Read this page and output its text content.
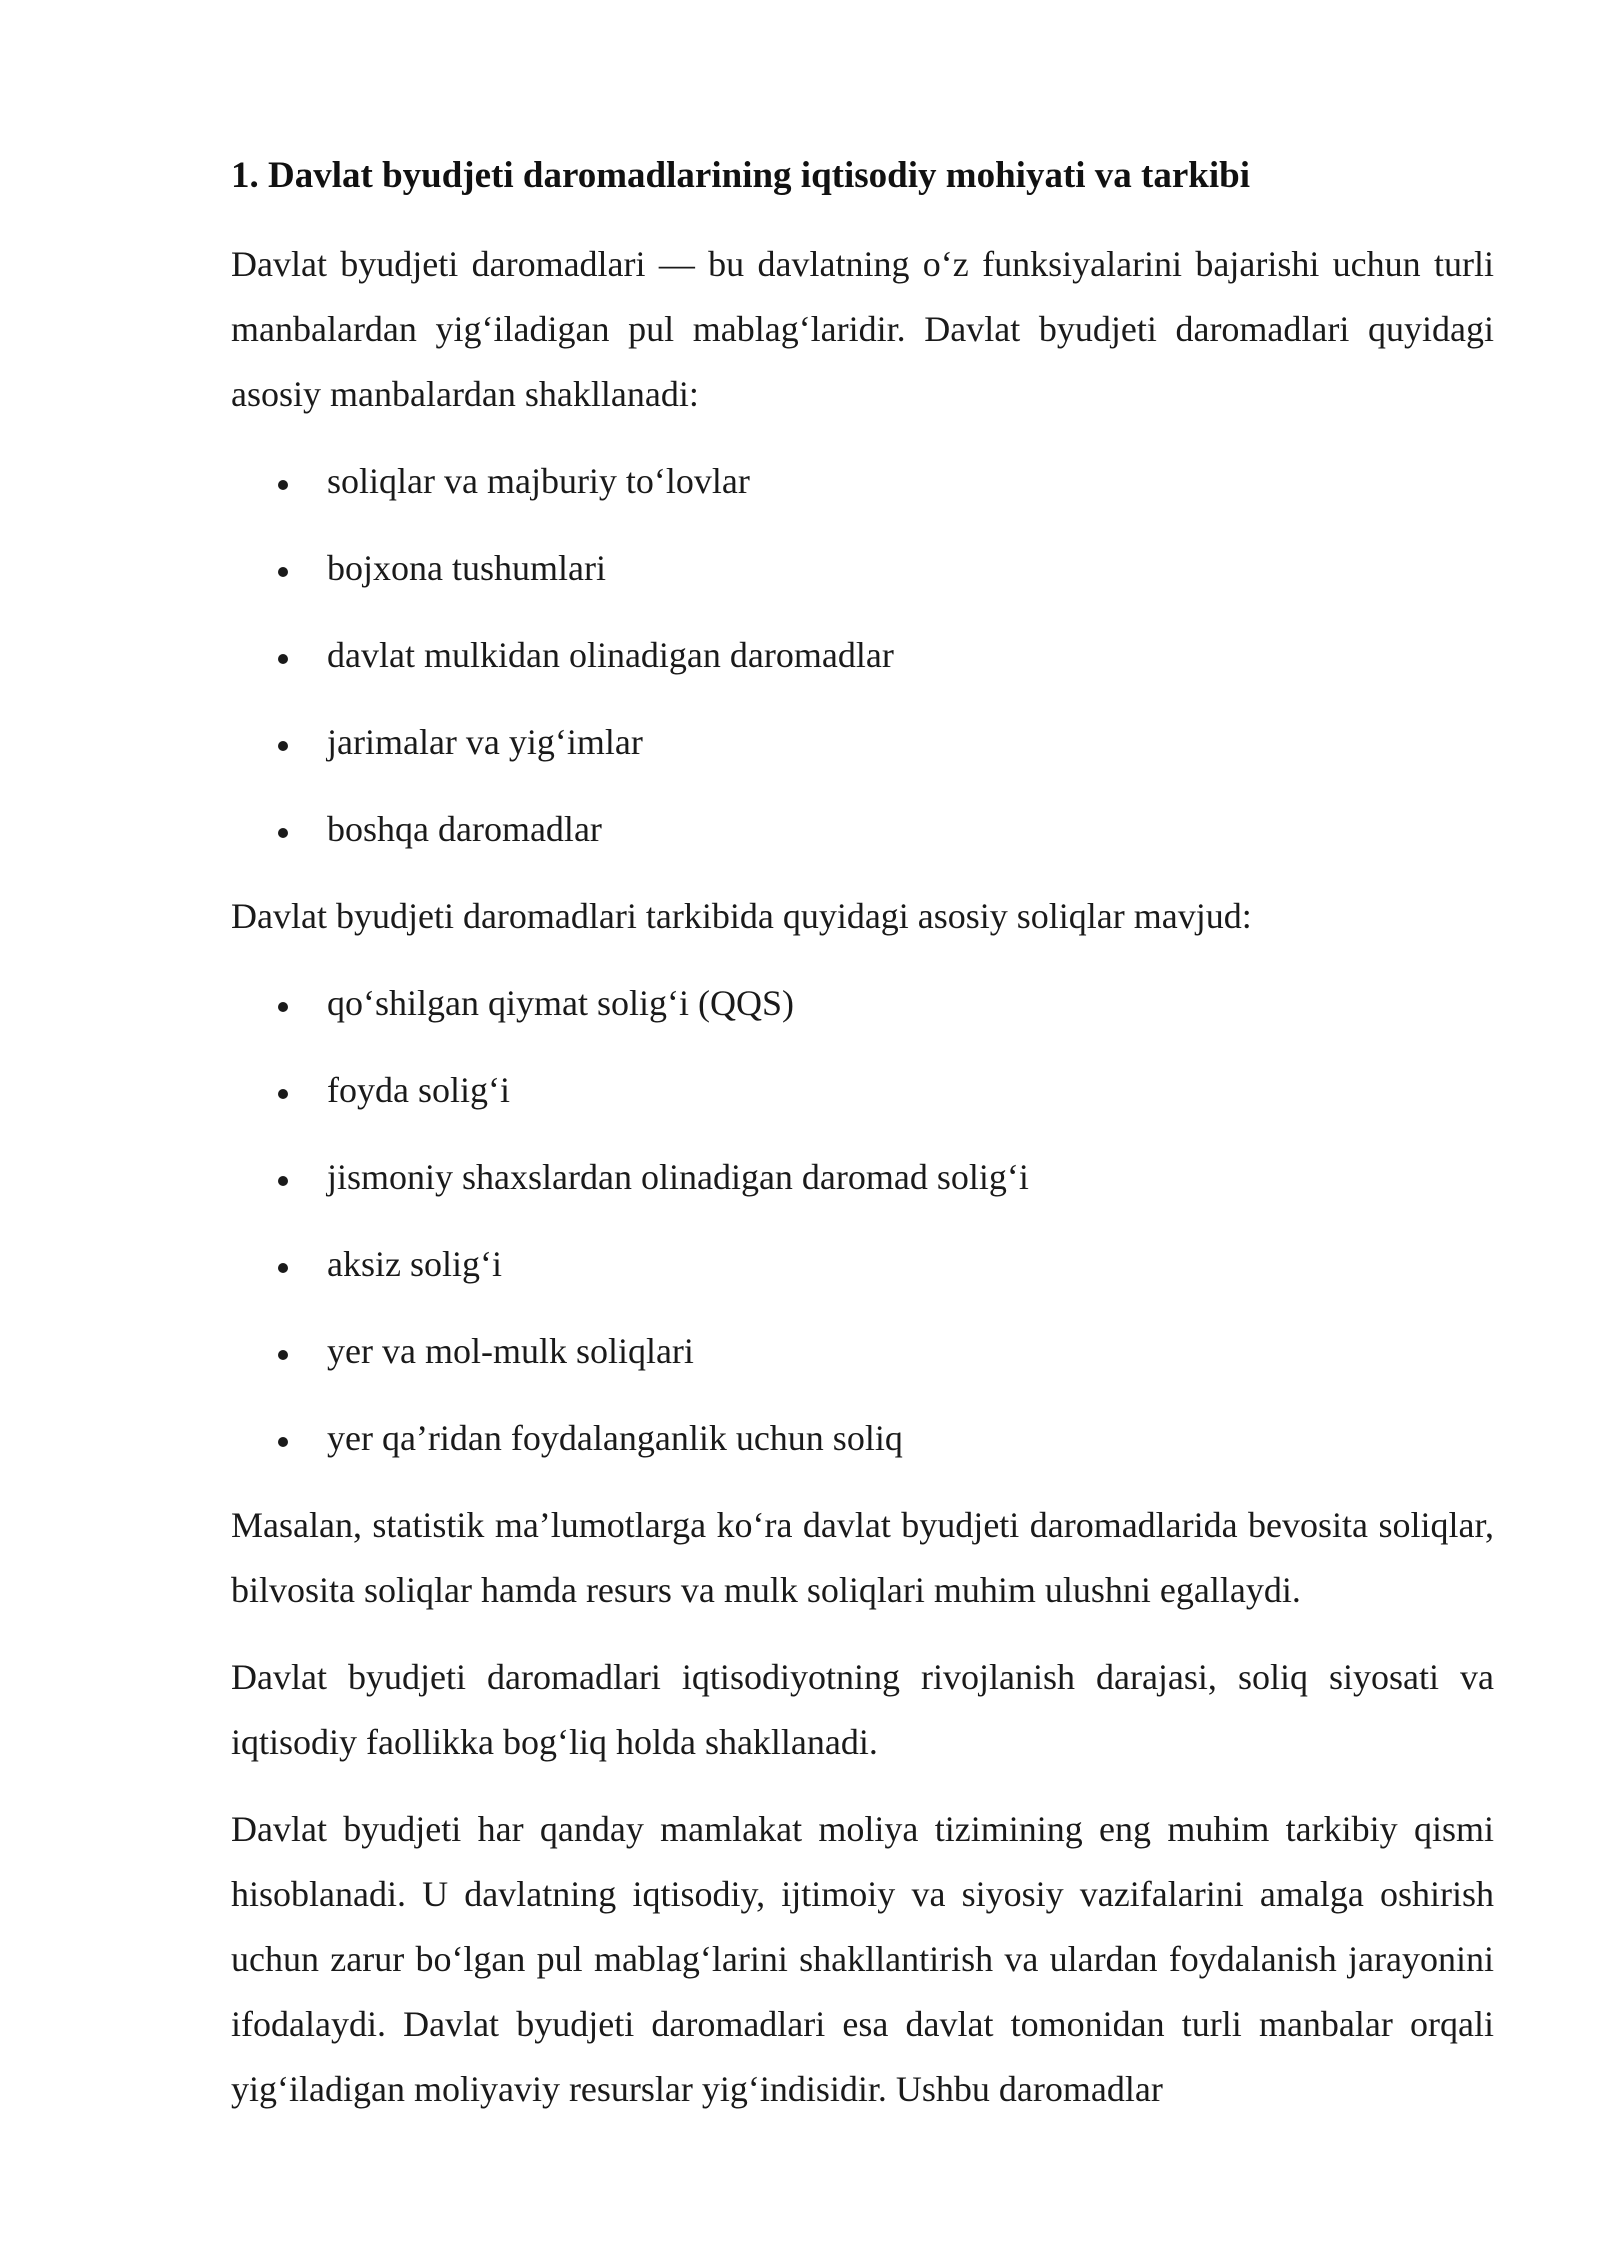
1. Davlat byudjeti daromadlarining iqtisodiy mohiyati va tarkibi

Davlat byudjeti daromadlari — bu davlatning o‘z funksiyalarini bajarishi uchun turli manbalardan yig‘iladigan pul mablag‘laridir. Davlat byudjeti daromadlari quyidagi asosiy manbalardan shakllanadi:

soliqlar va majburiy to‘lovlar
bojxona tushumlari
davlat mulkidan olinadigan daromadlar
jarimalar va yig‘imlar
boshqa daromadlar

Davlat byudjeti daromadlari tarkibida quyidagi asosiy soliqlar mavjud:

qo‘shilgan qiymat solig‘i (QQS)
foyda solig‘i
jismoniy shaxslardan olinadigan daromad solig‘i
aksiz solig‘i
yer va mol-mulk soliqlari
yer qa’ridan foydalanganlik uchun soliq

Masalan, statistik ma’lumotlarga ko‘ra davlat byudjeti daromadlarida bevosita soliqlar, bilvosita soliqlar hamda resurs va mulk soliqlari muhim ulushni egallaydi.

Davlat byudjeti daromadlari iqtisodiyotning rivojlanish darajasi, soliq siyosati va iqtisodiy faollikka bog‘liq holda shakllanadi.

Davlat byudjeti har qanday mamlakat moliya tizimining eng muhim tarkibiy qismi hisoblanadi. U davlatning iqtisodiy, ijtimoiy va siyosiy vazifalarini amalga oshirish uchun zarur bo‘lgan pul mablag‘larini shakllantirish va ulardan foydalanish jarayonini ifodalaydi. Davlat byudjeti daromadlari esa davlat tomonidan turli manbalar orqali yig‘iladigan moliyaviy resurslar yig‘indisidir. Ushbu daromadlar
